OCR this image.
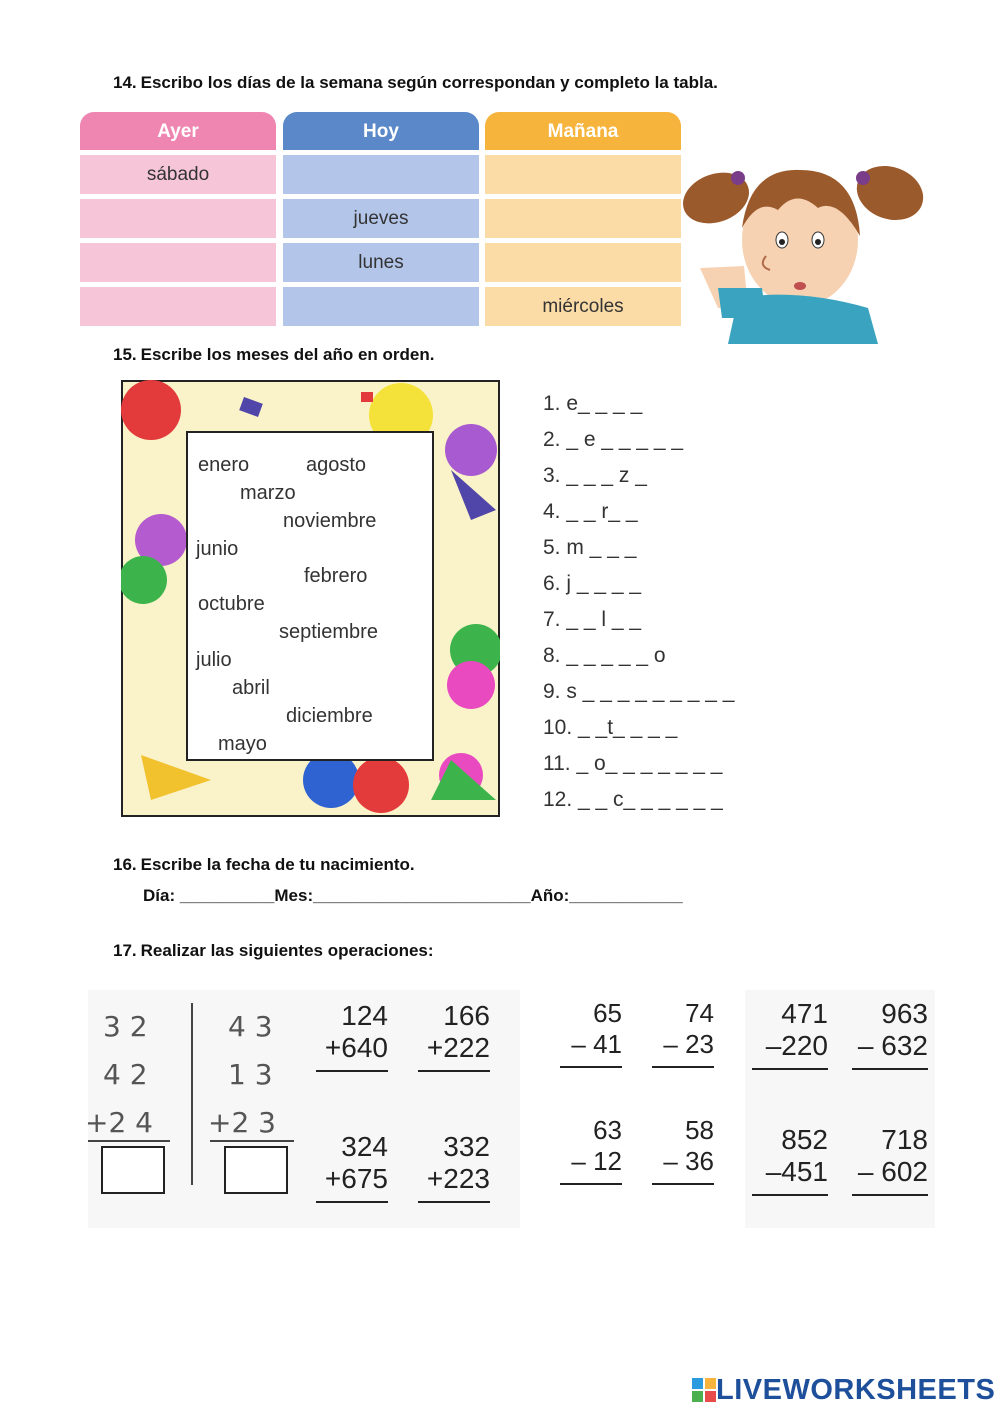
14. Escribo los días de la semana según correspondan y completo la tabla.
Ayer
sábado
Hoy
jueves
lunes
Mañana
miércoles
15. Escribe los meses del año en orden.
enero	agosto
marzo
noviembre
junio
febrero
octubre
septiembre
julio
abril
diciembre
mayo
1. e_ _ _ _
2. _ e _ _ _ _ _
3. _ _ _ z _
4. _ _ r_ _
5. m _ _ _
6. j _ _ _ _
7. _ _ l _ _
8. _ _ _ _ _ o
9. s _ _ _ _ _ _ _ _ _
10. _ _t_ _ _ _
11. _ o_ _ _ _ _ _ _
12. _ _ c_ _ _ _ _ _
16. Escribe la fecha de tu nacimiento.
Día: __________Mes:_______________________Año:____________
17. Realizar las siguientes operaciones:
3 2
4 2
+2 4
4 3
1 3
+2 3
124
+640
166
+222
324
+675
332
+223
65
– 41
74
– 23
471
–220
963
– 632
63
– 12
58
– 36
852
–451
718
– 602
LIVEWORKSHEETS
